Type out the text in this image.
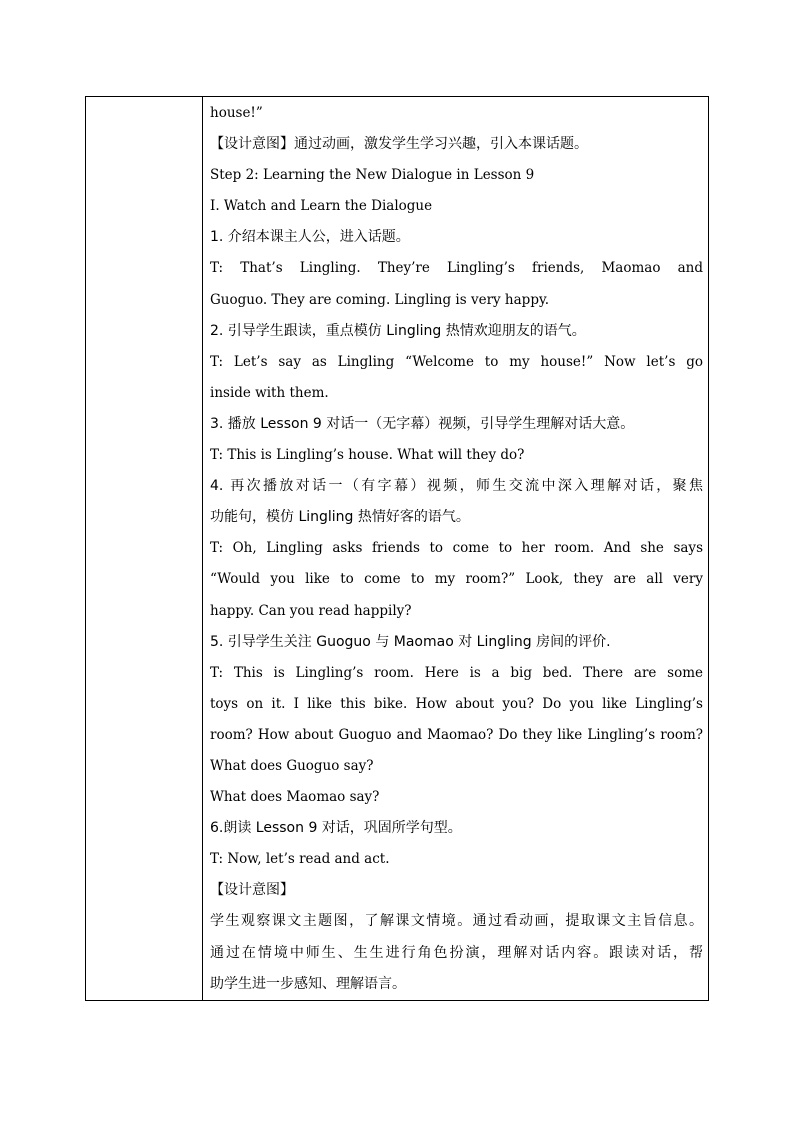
house!”
【设计意图】通过动画，激发学生学习兴趣，引入本课话题。
Step 2: Learning the New Dialogue in Lesson 9
I. Watch and Learn the Dialogue
1. 介绍本课主人公，进入话题。
T: That’s Lingling. They’re Lingling’s friends, Maomao and
Guoguo. They are coming. Lingling is very happy.
2. 引导学生跟读，重点模仿 Lingling 热情欢迎朋友的语气。
T: Let’s say as Lingling “Welcome to my house!” Now let’s go
inside with them.
3. 播放 Lesson 9 对话一（无字幕）视频，引导学生理解对话大意。
T: This is Lingling’s house. What will they do?
4. 再次播放对话一（有字幕）视频，师生交流中深入理解对话，聚焦
功能句，模仿 Lingling 热情好客的语气。
T: Oh, Lingling asks friends to come to her room. And she says
“Would you like to come to my room?” Look, they are all very
happy. Can you read happily?
5. 引导学生关注 Guoguo 与 Maomao 对 Lingling 房间的评价.
T: This is Lingling’s room. Here is a big bed. There are some
toys on it. I like this bike. How about you? Do you like Lingling’s
room? How about Guoguo and Maomao? Do they like Lingling’s room?
What does Guoguo say?
What does Maomao say?
6.朗读 Lesson 9 对话，巩固所学句型。
T: Now, let’s read and act.
【设计意图】
学生观察课文主题图，了解课文情境。通过看动画，提取课文主旨信息。
通过在情境中师生、生生进行角色扮演，理解对话内容。跟读对话，帮
助学生进一步感知、理解语言。
